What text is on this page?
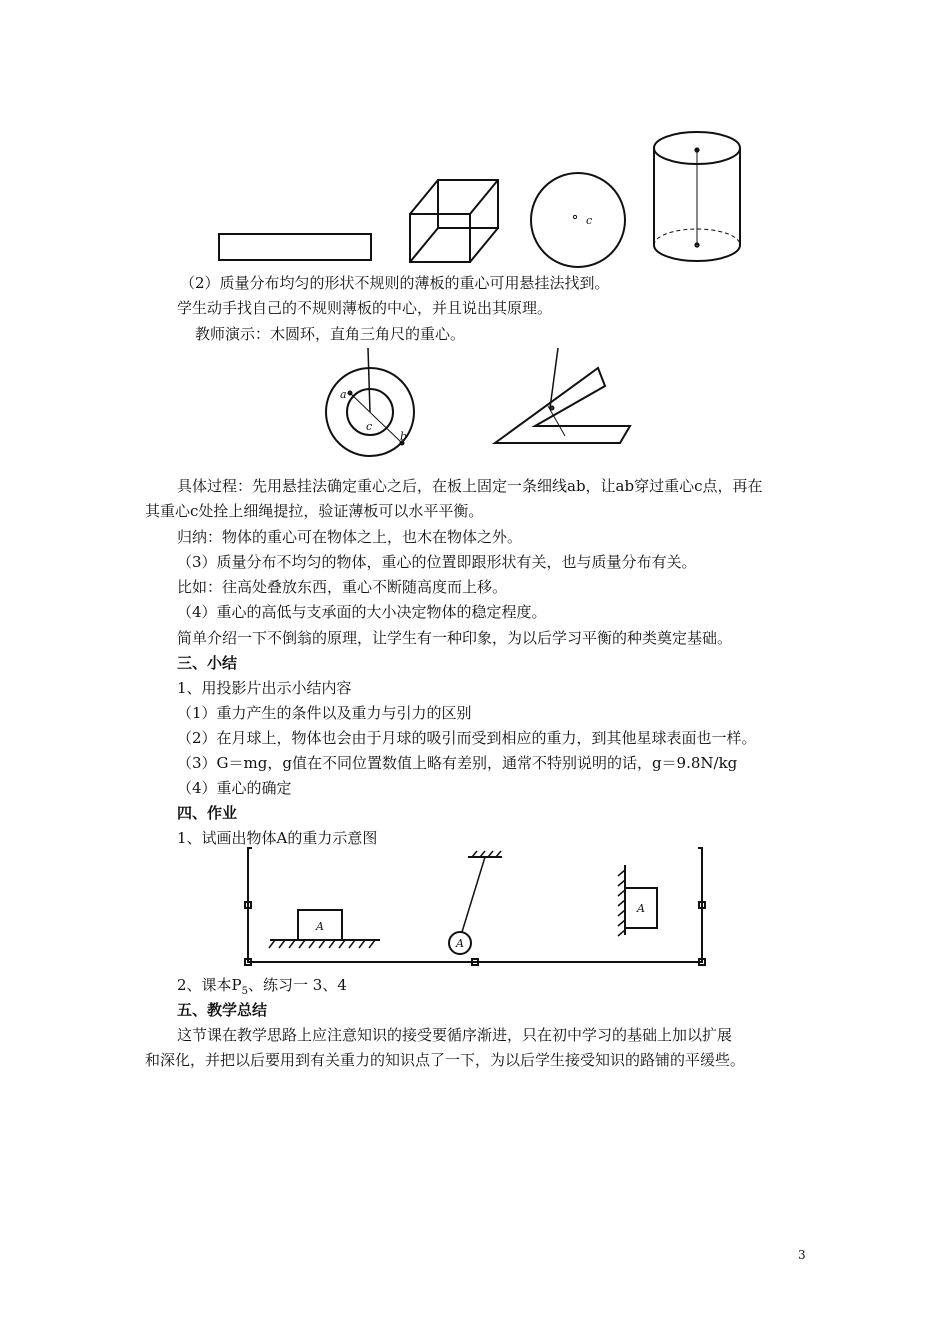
c
（2）质量分布均匀的形状不规则的薄板的重心可用悬挂法找到。
学生动手找自己的不规则薄板的中心，并且说出其原理。
教师演示：木圆环，直角三角尺的重心。
a
b
c
具体过程：先用悬挂法确定重心之后，在板上固定一条细线ab，让ab穿过重心c点，再在
其重心c处拴上细绳提拉，验证薄板可以水平平衡。
归纳：物体的重心可在物体之上，也木在物体之外。
（3）质量分布不均匀的物体，重心的位置即跟形状有关，也与质量分布有关。
比如：往高处叠放东西，重心不断随高度而上移。
（4）重心的高低与支承面的大小决定物体的稳定程度。
简单介绍一下不倒翁的原理，让学生有一种印象，为以后学习平衡的种类奠定基础。
三、小结
1、用投影片出示小结内容
（1）重力产生的条件以及重力与引力的区别
（2）在月球上，物体也会由于月球的吸引而受到相应的重力，到其他星球表面也一样。
（3）G＝mg，g值在不同位置数值上略有差别，通常不特别说明的话，g＝9.8N/kg
（4）重心的确定
四、作业
1、试画出物体A的重力示意图
A
A
A
2、课本$P_5$、练习一 3、4
五、教学总结
这节课在教学思路上应注意知识的接受要循序渐进，只在初中学习的基础上加以扩展
和深化，并把以后要用到有关重力的知识点了一下，为以后学生接受知识的路铺的平缓些。
3
